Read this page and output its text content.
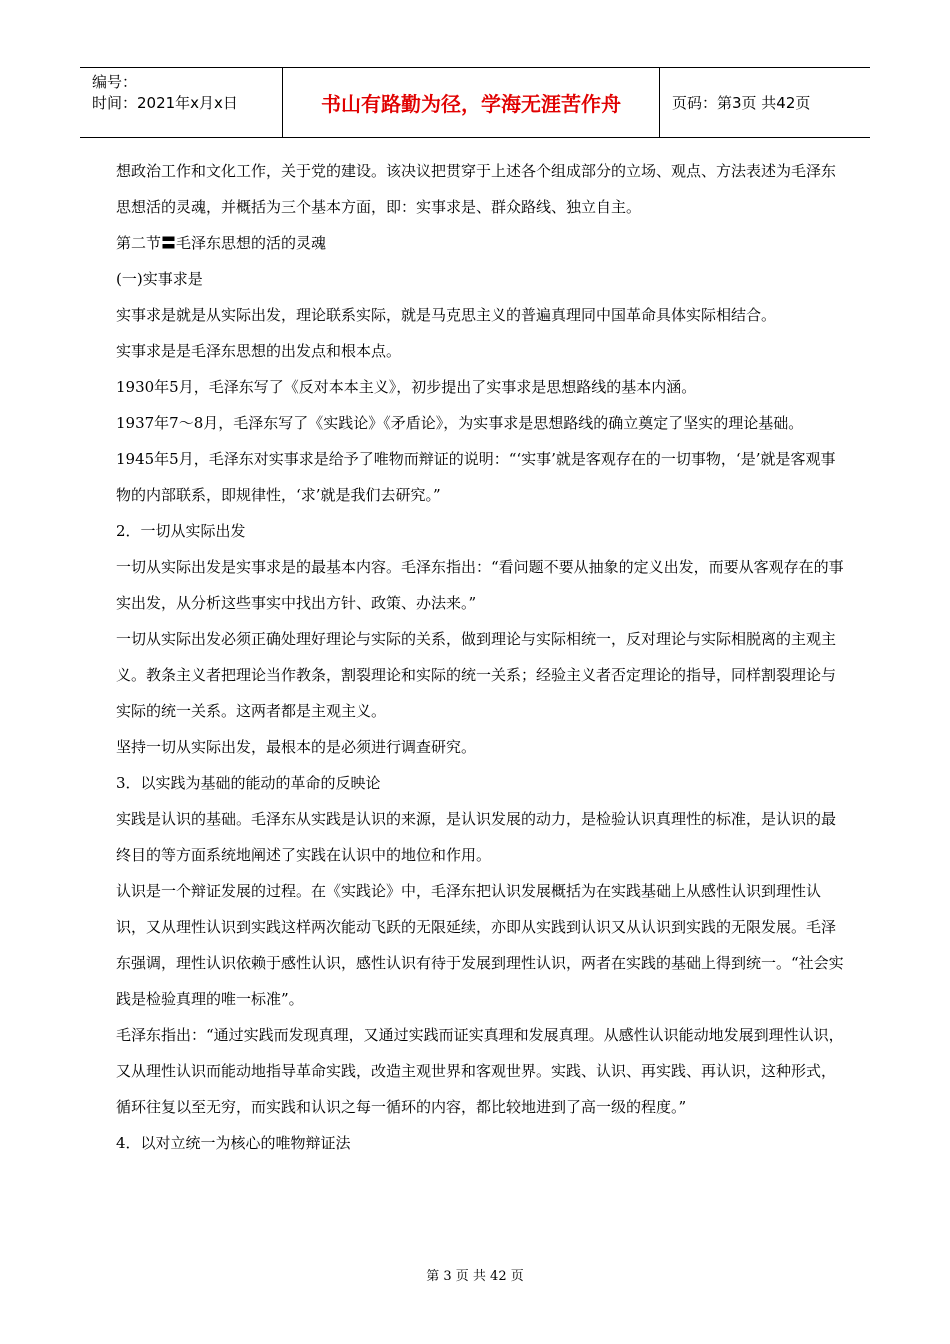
编号：
时间：2021年x月x日	书山有路勤为径，学海无涯苦作舟	页码：第3页 共42页

想政治工作和文化工作，关于党的建设。该决议把贯穿于上述各个组成部分的立场、观点、方法表述为毛泽东思想活的灵魂，并概括为三个基本方面，即：实事求是、群众路线、独立自主。

第二节〓毛泽东思想的活的灵魂

(一)实事求是

实事求是就是从实际出发，理论联系实际，就是马克思主义的普遍真理同中国革命具体实际相结合。

实事求是是毛泽东思想的出发点和根本点。

1930年5月，毛泽东写了《反对本本主义》，初步提出了实事求是思想路线的基本内涵。

1937年7～8月，毛泽东写了《实践论》《矛盾论》，为实事求是思想路线的确立奠定了坚实的理论基础。

1945年5月，毛泽东对实事求是给予了唯物而辩证的说明：“‘实事’就是客观存在的一切事物，‘是’就是客观事物的内部联系，即规律性，‘求’就是我们去研究。”

2．一切从实际出发

一切从实际出发是实事求是的最基本内容。毛泽东指出：“看问题不要从抽象的定义出发，而要从客观存在的事实出发，从分析这些事实中找出方针、政策、办法来。”

一切从实际出发必须正确处理好理论与实际的关系，做到理论与实际相统一，反对理论与实际相脱离的主观主义。教条主义者把理论当作教条，割裂理论和实际的统一关系；经验主义者否定理论的指导，同样割裂理论与实际的统一关系。这两者都是主观主义。

坚持一切从实际出发，最根本的是必须进行调查研究。

3．以实践为基础的能动的革命的反映论

实践是认识的基础。毛泽东从实践是认识的来源，是认识发展的动力，是检验认识真理性的标准，是认识的最终目的等方面系统地阐述了实践在认识中的地位和作用。

认识是一个辩证发展的过程。在《实践论》中，毛泽东把认识发展概括为在实践基础上从感性认识到理性认识，又从理性认识到实践这样两次能动飞跃的无限延续，亦即从实践到认识又从认识到实践的无限发展。毛泽东强调，理性认识依赖于感性认识，感性认识有待于发展到理性认识，两者在实践的基础上得到统一。“社会实践是检验真理的唯一标准”。

毛泽东指出：“通过实践而发现真理，又通过实践而证实真理和发展真理。从感性认识能动地发展到理性认识，又从理性认识而能动地指导革命实践，改造主观世界和客观世界。实践、认识、再实践、再认识，这种形式，循环往复以至无穷，而实践和认识之每一循环的内容，都比较地进到了高一级的程度。”

4．以对立统一为核心的唯物辩证法

第 3 页 共 42 页
